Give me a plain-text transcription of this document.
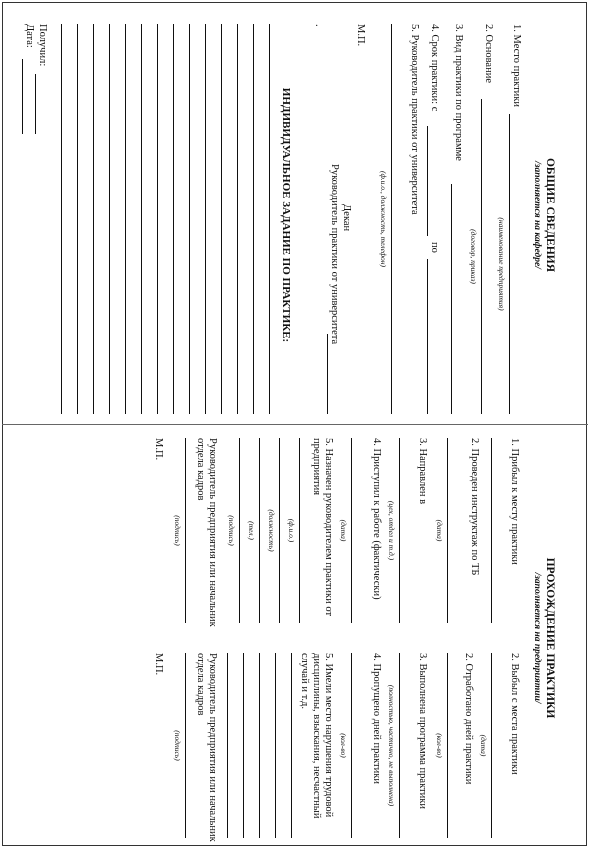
ОБЩИЕ СВЕДЕНИЯ
/заполняется на кафедре/
1. Место практики
(наименование предприятия)
2. Основание
(договор, приказ)
3. Вид практики по программе
4. Срок практики: с
по
5. Руководитель практики от университета
(ф.и.о., должность, телефон)
М.П.
Декан
Руководитель практики от университета
·
ИНДИВИДУАЛЬНОЕ ЗАДАНИЕ ПО ПРАКТИКЕ:
Получил:
Дата:
ПРОХОЖДЕНИЕ ПРАКТИКИ
/заполняется на предприятии/
1. Прибыл к месту практики
2. Проведен инструктаж по ТБ
(дата)
3. Направлен в
(цех, отдел и т.д.)
4. Приступил к работе (фактически)
(дата)
5. Назначен руководителем практики от предприятия
(ф.и.о.)
(должность)
(тел.)
(подпись)
Руководитель предприятия или начальник отдела кадров
(подпись)
М.П.
2. Выбыл с места практики
(дата)
2. Отработано дней практики
(кол-во)
3. Выполнена программа практики
(полностью, частично, не выполнена)
4. Пропущено дней практики
(кол-во)
5. Имели место нарушения трудовой дисциплины, взыскания, несчастный случай и т.д.
Руководитель предприятия или начальник отдела кадров
(подпись)
М.П.
